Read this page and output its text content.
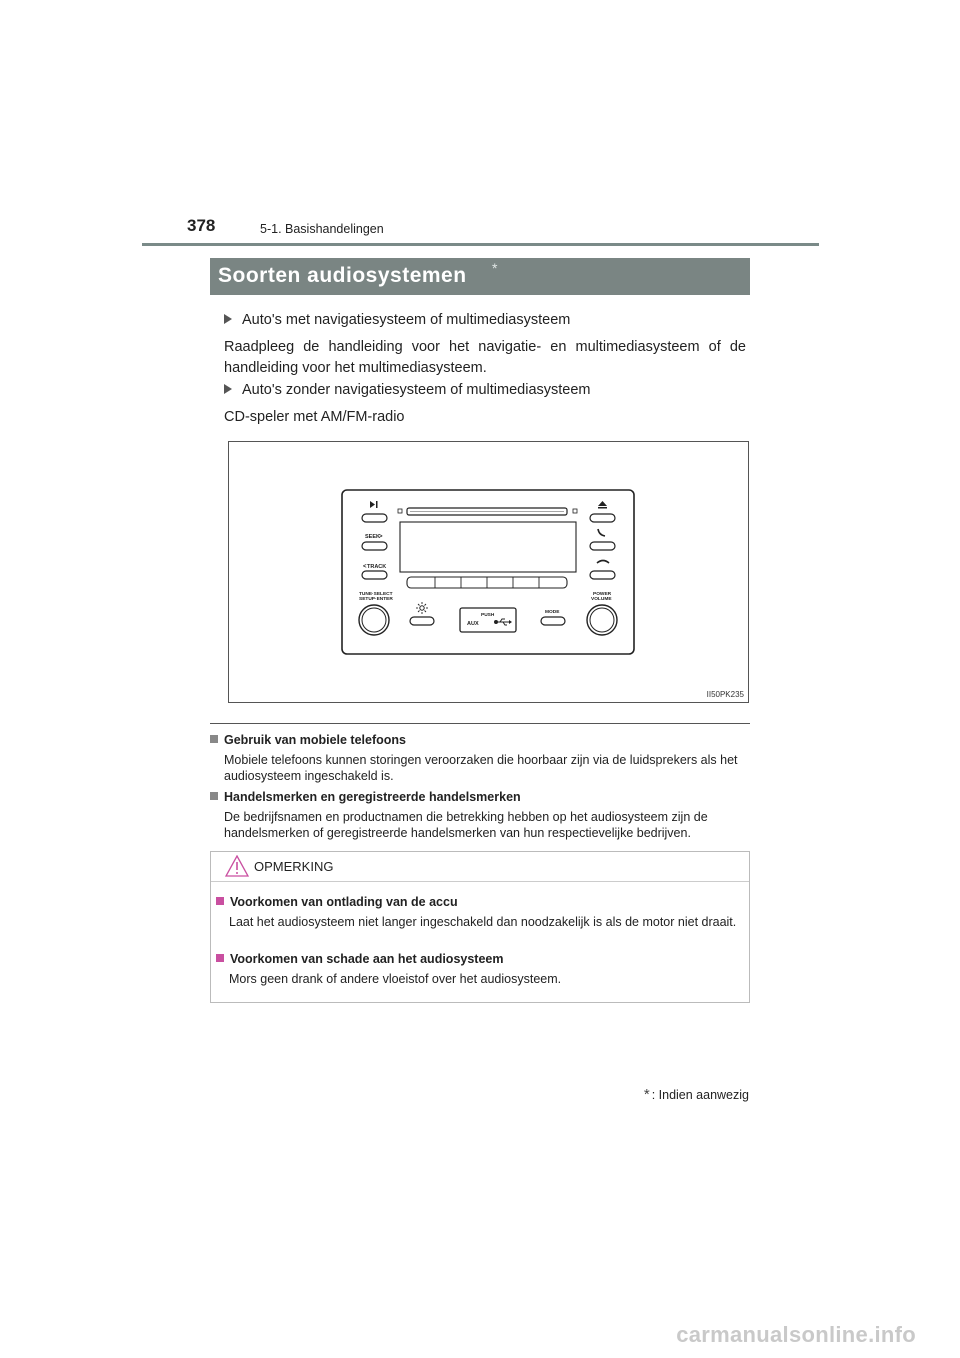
378	5-1. Basishandelingen
Soorten audiosystemen *
Auto's met navigatiesysteem of multimediasysteem
Raadpleeg de handleiding voor het navigatie- en multimediasysteem of de handleiding voor het multimediasysteem.
Auto's zonder navigatiesysteem of multimediasysteem
CD-speler met AM/FM-radio
SEEK >
< TRACK
TUNE·SELECT
SETUP·ENTER
POWER
VOLUME
PUSH
AUX
MODE
II50PK235
Gebruik van mobiele telefoons
Mobiele telefoons kunnen storingen veroorzaken die hoorbaar zijn via de luidsprekers als het audiosysteem ingeschakeld is.
Handelsmerken en geregistreerde handelsmerken
De bedrijfsnamen en productnamen die betrekking hebben op het audiosysteem zijn de handelsmerken of geregistreerde handelsmerken van hun respectievelijke bedrijven.
OPMERKING
Voorkomen van ontlading van de accu
Laat het audiosysteem niet langer ingeschakeld dan noodzakelijk is als de motor niet draait.
Voorkomen van schade aan het audiosysteem
Mors geen drank of andere vloeistof over het audiosysteem.
* : Indien aanwezig
carmanualsonline.info
